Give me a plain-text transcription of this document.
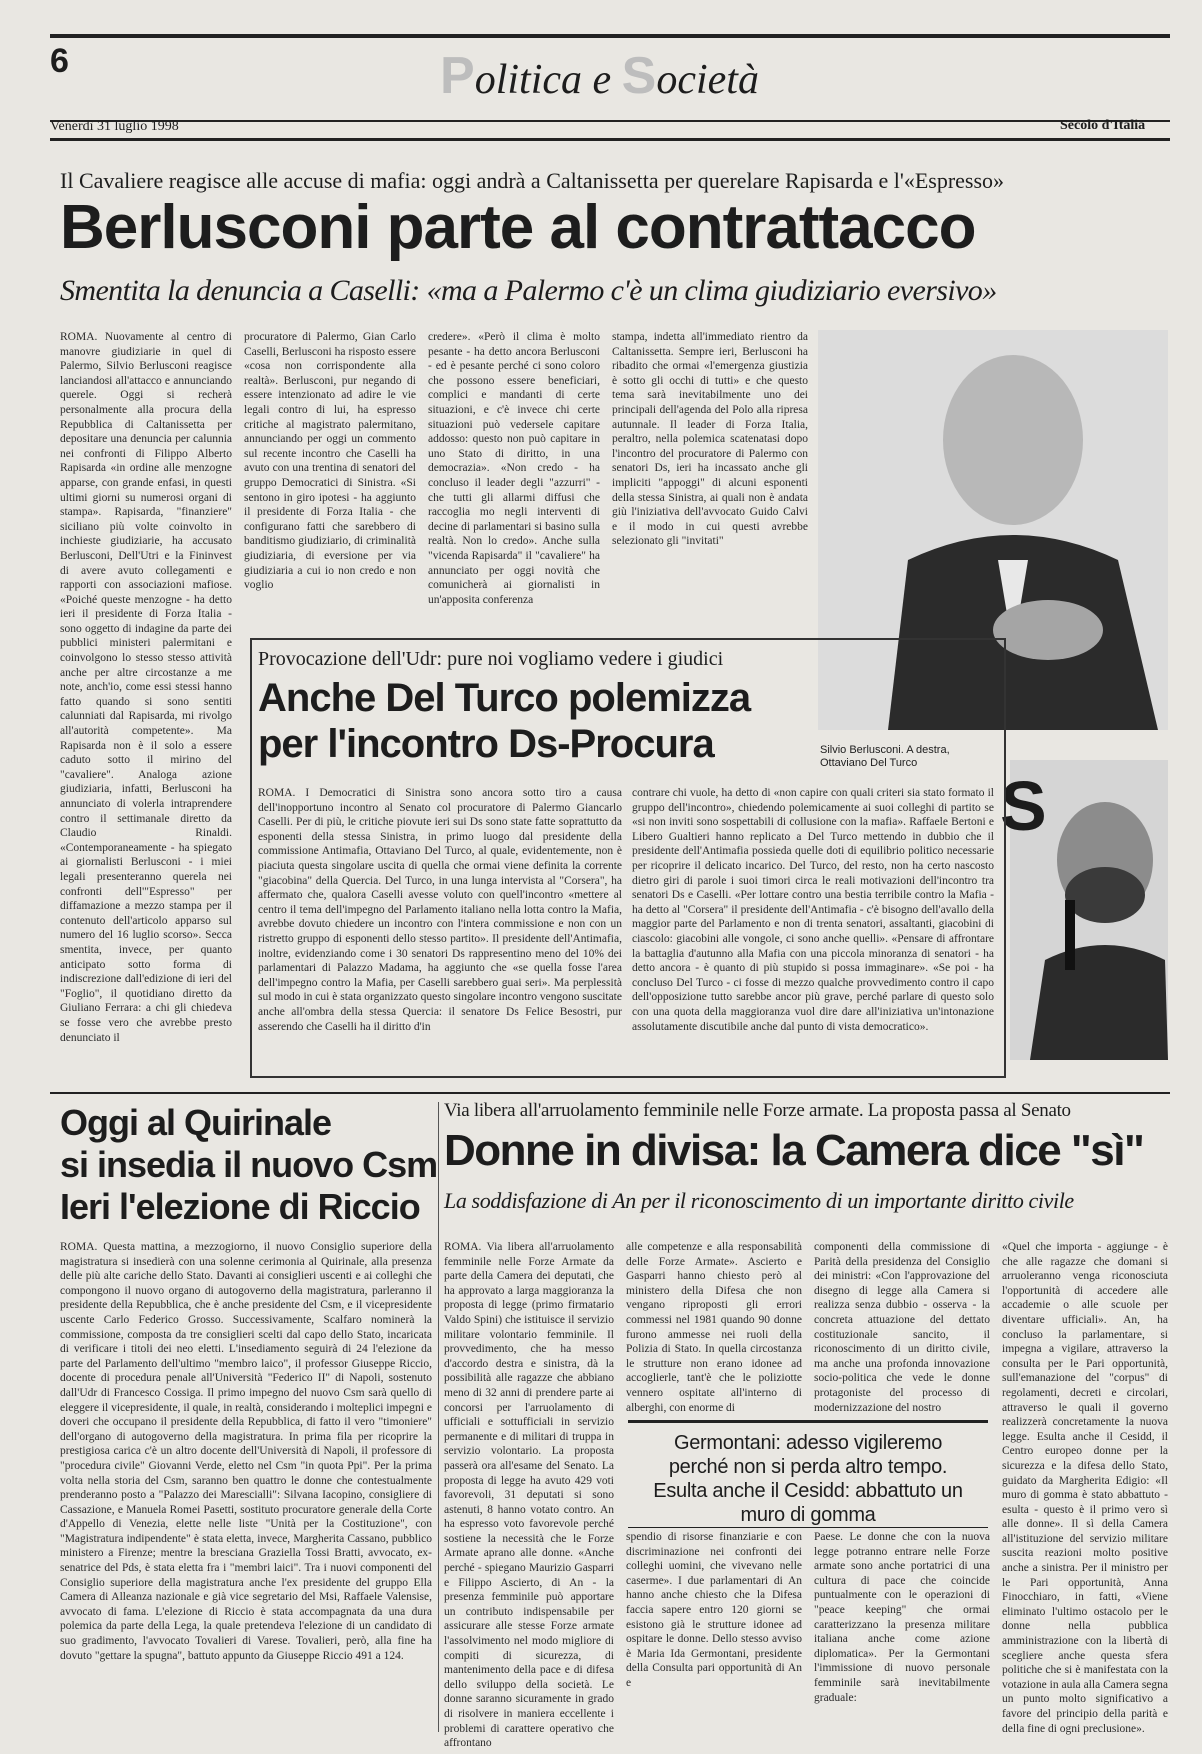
6	Politica e Società
Venerdì 31 luglio 1998	Secolo d'Italia
Il Cavaliere reagisce alle accuse di mafia: oggi andrà a Caltanissetta per querelare Rapisarda e l'«Espresso»
Berlusconi parte al contrattacco
Smentita la denuncia a Caselli: «ma a Palermo c'è un clima giudiziario eversivo»
ROMA. Nuovamente al centro di manovre giudiziarie in quel di Palermo, Silvio Berlusconi reagisce lanciandosi all'attacco e annunciando querele. Oggi si recherà personalmente alla procura della Repubblica di Caltanissetta per depositare una denuncia per calunnia nei confronti di Filippo Alberto Rapisarda «in ordine alle menzogne apparse, con grande enfasi, in questi ultimi giorni su numerosi organi di stampa». Rapisarda, "finanziere" siciliano più volte coinvolto in inchieste giudiziarie, ha accusato Berlusconi, Dell'Utri e la Fininvest di avere avuto collegamenti e rapporti con associazioni mafiose. «Poiché queste menzogne - ha detto ieri il presidente di Forza Italia - sono oggetto di indagine da parte dei pubblici ministeri palermitani e coinvolgono lo stesso stesso attività anche per altre circostanze a me note, anch'io, come essi stessi hanno fatto quando si sono sentiti calunniati dal Rapisarda, mi rivolgo all'autorità competente». Ma Rapisarda non è il solo a essere caduto sotto il mirino del "cavaliere". Analoga azione giudiziaria, infatti, Berlusconi ha annunciato di volerla intraprendere contro il settimanale diretto da Claudio Rinaldi. «Contemporaneamente - ha spiegato ai giornalisti Berlusconi - i miei legali presenteranno querela nei confronti dell'"Espresso" per diffamazione a mezzo stampa per il contenuto dell'articolo apparso sul numero del 16 luglio scorso». Secca smentita, invece, per quanto anticipato sotto forma di indiscrezione dall'edizione di ieri del "Foglio", il quotidiano diretto da Giuliano Ferrara: a chi gli chiedeva se fosse vero che avrebbe presto denunciato il
procuratore di Palermo, Gian Carlo Caselli, Berlusconi ha risposto essere «cosa non corrispondente alla realtà». Berlusconi, pur negando di essere intenzionato ad adire le vie legali contro di lui, ha espresso critiche al magistrato palermitano, annunciando per oggi un commento sul recente incontro che Caselli ha avuto con una trentina di senatori del gruppo Democratici di Sinistra. «Si sentono in giro ipotesi - ha aggiunto il presidente di Forza Italia - che configurano fatti che sarebbero di banditismo giudiziario, di criminalità giudiziaria, di eversione per via giudiziaria a cui io non credo e non voglio
credere». «Però il clima è molto pesante - ha detto ancora Berlusconi - ed è pesante perché ci sono coloro che possono essere beneficiari, complici e mandanti di certe situazioni, e c'è invece chi certe situazioni può vedersele capitare addosso: questo non può capitare in uno Stato di diritto, in una democrazia». «Non credo - ha concluso il leader degli "azzurri" - che tutti gli allarmi diffusi che raccoglia mo negli interventi di decine di parlamentari si basino sulla realtà. Non lo credo». Anche sulla "vicenda Rapisarda" il "cavaliere" ha annunciato per oggi novità che comunicherà ai giornalisti in un'apposita conferenza
stampa, indetta all'immediato rientro da Caltanissetta. Sempre ieri, Berlusconi ha ribadito che ormai «l'emergenza giustizia è sotto gli occhi di tutti» e che questo tema sarà inevitabilmente uno dei principali dell'agenda del Polo alla ripresa autunnale. Il leader di Forza Italia, peraltro, nella polemica scatenatasi dopo l'incontro del procuratore di Palermo con senatori Ds, ieri ha incassato anche gli impliciti "appoggi" di alcuni esponenti della stessa Sinistra, ai quali non è andata giù l'iniziativa dell'avvocato Guido Calvi e il modo in cui questi avrebbe selezionato gli "invitati"
Silvio Berlusconi. A destra, Ottaviano Del Turco
S
Provocazione dell'Udr: pure noi vogliamo vedere i giudici
Anche Del Turco polemizza
per l'incontro Ds-Procura
ROMA. I Democratici di Sinistra sono ancora sotto tiro a causa dell'inopportuno incontro al Senato col procuratore di Palermo Giancarlo Caselli. Per di più, le critiche piovute ieri sui Ds sono state fatte soprattutto da esponenti della stessa Sinistra, in primo luogo dal presidente della commissione Antimafia, Ottaviano Del Turco, al quale, evidentemente, non è piaciuta questa singolare uscita di quella che ormai viene definita la corrente "giacobina" della Quercia. Del Turco, in una lunga intervista al "Corsera", ha affermato che, qualora Caselli avesse voluto con quell'incontro «mettere al centro il tema dell'impegno del Parlamento italiano nella lotta contro la Mafia, avrebbe dovuto chiedere un incontro con l'intera commissione e non con un ristretto gruppo di esponenti dello stesso partito». Il presidente dell'Antimafia, inoltre, evidenziando come i 30 senatori Ds rappresentino meno del 10% dei parlamentari di Palazzo Madama, ha aggiunto che «se quella fosse l'area dell'impegno contro la Mafia, per Caselli sarebbero guai seri». Ma perplessità sul modo in cui è stata organizzato questo singolare incontro vengono suscitate anche all'ombra della stessa Quercia: il senatore Ds Felice Besostri, pur asserendo che Caselli ha il diritto d'in
contrare chi vuole, ha detto di «non capire con quali criteri sia stato formato il gruppo dell'incontro», chiedendo polemicamente ai suoi colleghi di partito se «si non inviti sono sospettabili di collusione con la mafia». Raffaele Bertoni e Libero Gualtieri hanno replicato a Del Turco mettendo in dubbio che il presidente dell'Antimafia possieda quelle doti di equilibrio politico necessarie per ricoprire il delicato incarico. Del Turco, del resto, non ha certo nascosto dietro giri di parole i suoi timori circa le reali motivazioni dell'incontro tra senatori Ds e Caselli. «Per lottare contro una bestia terribile contro la Mafia - ha detto al "Corsera" il presidente dell'Antimafia - c'è bisogno dell'avallo della maggior parte del Parlamento e non di trenta senatori, assaltanti, giacobini di ciascolo: giacobini alle vongole, ci sono anche quelli». «Pensare di affrontare la battaglia d'autunno alla Mafia con una piccola minoranza di senatori - ha detto ancora - è quanto di più stupido si possa immaginare». «Se poi - ha concluso Del Turco - ci fosse di mezzo qualche provvedimento contro il capo dell'opposizione tutto sarebbe ancor più grave, perché parlare di questo solo con una quota della maggioranza vuol dire dare all'iniziativa un'intonazione assolutamente discutibile anche dal punto di vista democratico».
Oggi al Quirinale
si insedia il nuovo Csm
Ieri l'elezione di Riccio
ROMA. Questa mattina, a mezzogiorno, il nuovo Consiglio superiore della magistratura si insedierà con una solenne cerimonia al Quirinale, alla presenza delle più alte cariche dello Stato. Davanti ai consiglieri uscenti e ai colleghi che compongono il nuovo organo di autogoverno della magistratura, parleranno il presidente della Repubblica, che è anche presidente del Csm, e il vicepresidente uscente Carlo Federico Grosso. Successivamente, Scalfaro nominerà la commissione, composta da tre consiglieri scelti dal capo dello Stato, incaricata di verificare i titoli dei neo eletti. L'insediamento seguirà di 24 l'elezione da parte del Parlamento dell'ultimo "membro laico", il professor Giuseppe Riccio, docente di procedura penale all'Università "Federico II" di Napoli, sostenuto dall'Udr di Francesco Cossiga. Il primo impegno del nuovo Csm sarà quello di eleggere il vicepresidente, il quale, in realtà, considerando i molteplici impegni e doveri che occupano il presidente della Repubblica, di fatto il vero "timoniere" dell'organo di autogoverno della magistratura. In prima fila per ricoprire la prestigiosa carica c'è un altro docente dell'Università di Napoli, il professore di "procedura civile" Giovanni Verde, eletto nel Csm "in quota Ppi". Per la prima volta nella storia del Csm, saranno ben quattro le donne che contestualmente prenderanno posto a "Palazzo dei Marescialli": Silvana Iacopino, consigliere di Cassazione, e Manuela Romei Pasetti, sostituto procuratore generale della Corte d'Appello di Venezia, elette nelle liste "Unità per la Costituzione", con "Magistratura indipendente" è stata eletta, invece, Margherita Cassano, pubblico ministero a Firenze; mentre la bresciana Graziella Tossi Bratti, avvocato, ex-senatrice del Pds, è stata eletta fra i "membri laici". Tra i nuovi componenti del Consiglio superiore della magistratura anche l'ex presidente del gruppo Ella Camera di Alleanza nazionale e già vice segretario del Msi, Raffaele Valensise, avvocato di fama. L'elezione di Riccio è stata accompagnata da una dura polemica da parte della Lega, la quale pretendeva l'elezione di un candidato di suo gradimento, l'avvocato Tovalieri di Varese. Tovalieri, però, alla fine ha dovuto "gettare la spugna", battuto appunto da Giuseppe Riccio 491 a 124.
Via libera all'arruolamento femminile nelle Forze armate. La proposta passa al Senato
Donne in divisa: la Camera dice "sì"
La soddisfazione di An per il riconoscimento di un importante diritto civile
ROMA. Via libera all'arruolamento femminile nelle Forze Armate da parte della Camera dei deputati, che ha approvato a larga maggioranza la proposta di legge (primo firmatario Valdo Spini) che istituisce il servizio militare volontario femminile. Il provvedimento, che ha messo d'accordo destra e sinistra, dà la possibilità alle ragazze che abbiano meno di 32 anni di prendere parte ai concorsi per l'arruolamento di ufficiali e sottufficiali in servizio permanente e di militari di truppa in servizio volontario. La proposta passerà ora all'esame del Senato. La proposta di legge ha avuto 429 voti favorevoli, 31 deputati si sono astenuti, 8 hanno votato contro. An ha espresso voto favorevole perché sostiene la necessità che le Forze Armate aprano alle donne. «Anche perché - spiegano Maurizio Gasparri e Filippo Ascierto, di An - la presenza femminile può apportare un contributo indispensabile per assicurare alle stesse Forze armate l'assolvimento nel modo migliore di compiti di sicurezza, di mantenimento della pace e di difesa dello sviluppo della società. Le donne saranno sicuramente in grado di risolvere in maniera eccellente i problemi di carattere operativo che affrontano
alle competenze e alla responsabilità delle Forze Armate». Ascierto e Gasparri hanno chiesto però al ministero della Difesa che non vengano riproposti gli errori commessi nel 1981 quando 90 donne furono ammesse nei ruoli della Polizia di Stato. In quella circostanza le strutture non erano idonee ad accoglierle, tant'è che le poliziotte vennero ospitate all'interno di alberghi, con enorme di
componenti della commissione di Parità della presidenza del Consiglio dei ministri: «Con l'approvazione del disegno di legge alla Camera si realizza senza dubbio - osserva - la concreta attuazione del dettato costituzionale sancito, il riconoscimento di un diritto civile, ma anche una profonda innovazione socio-politica che vede le donne protagoniste del processo di modernizzazione del nostro
Germontani: adesso vigileremo perché non si perda altro tempo. Esulta anche il Cesidd: abbattuto un muro di gomma
spendio di risorse finanziarie e con discriminazione nei confronti dei colleghi uomini, che vivevano nelle caserme». I due parlamentari di An hanno anche chiesto che la Difesa faccia sapere entro 120 giorni se esistono già le strutture idonee ad ospitare le donne. Dello stesso avviso è Maria Ida Germontani, presidente della Consulta pari opportunità di An e
Paese. Le donne che con la nuova legge potranno entrare nelle Forze armate sono anche portatrici di una cultura di pace che coincide puntualmente con le operazioni di "peace keeping" che ormai caratterizzano la presenza militare italiana anche come azione diplomatica». Per la Germontani l'immissione di nuovo personale femminile sarà inevitabilmente graduale:
«Quel che importa - aggiunge - è che alle ragazze che domani si arruoleranno venga riconosciuta l'opportunità di accedere alle accademie o alle scuole per diventare ufficiali». An, ha concluso la parlamentare, si impegna a vigilare, attraverso la consulta per le Pari opportunità, sull'emanazione del "corpus" di regolamenti, decreti e circolari, attraverso le quali il governo realizzerà concretamente la nuova legge. Esulta anche il Cesidd, il Centro europeo donne per la sicurezza e la difesa dello Stato, guidato da Margherita Edigio: «Il muro di gomma è stato abbattuto - esulta - questo è il primo vero sì alle donne». Il sì della Camera all'istituzione del servizio militare suscita reazioni molto positive anche a sinistra. Per il ministro per le Pari opportunità, Anna Finocchiaro, in fatti, «Viene eliminato l'ultimo ostacolo per le donne nella pubblica amministrazione con la libertà di scegliere anche questa sfera politiche che si è manifestata con la votazione in aula alla Camera segna un punto molto significativo a favore del principio della parità e della fine di ogni preclusione».
